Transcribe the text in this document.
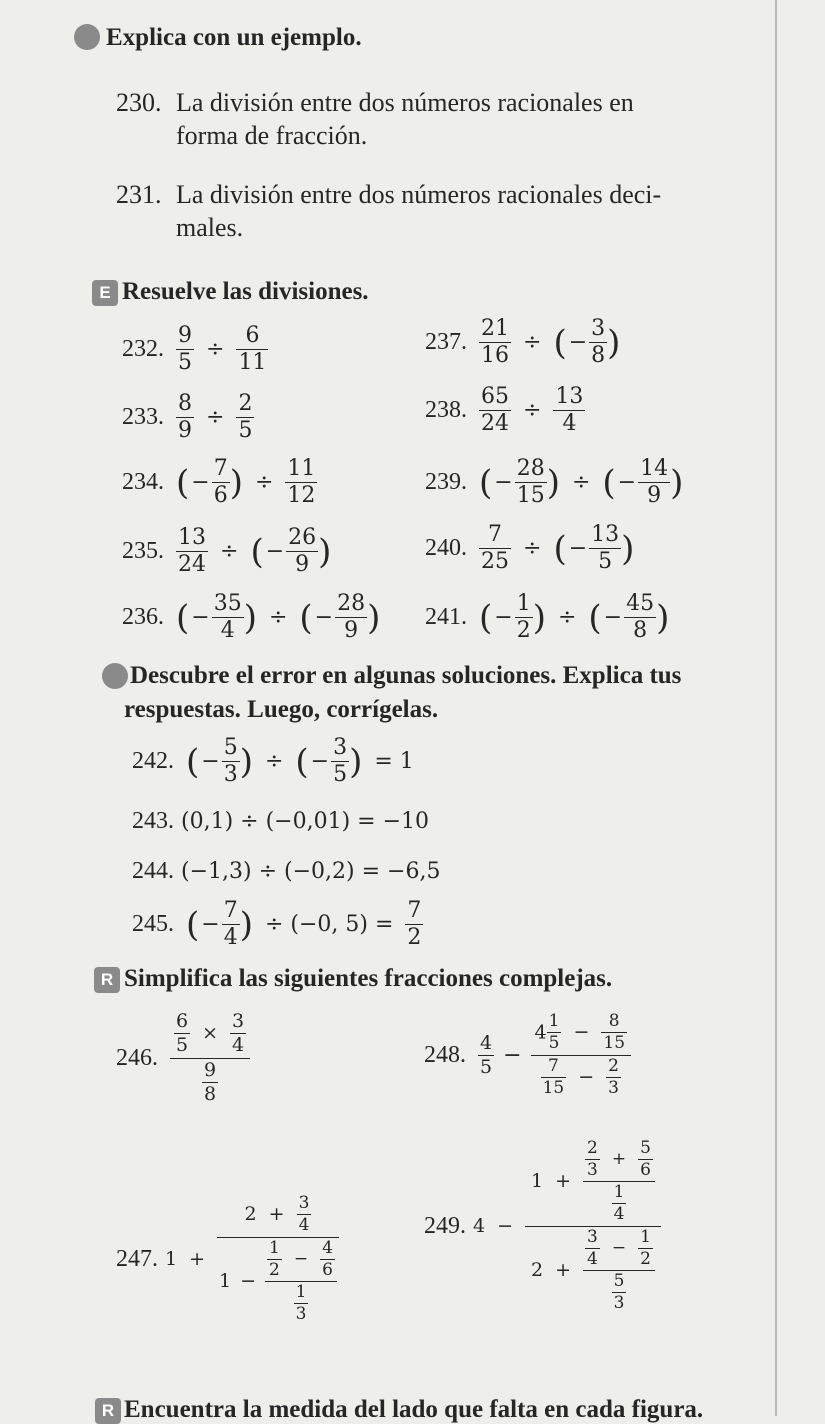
Explica con un ejemplo.
230. La división entre dos números racionales en
forma de fracción.
231. La división entre dos números racionales deci-
males.
E Resuelve las divisiones.
232. $\frac{9}{5} \div \frac{6}{11}$
233. $\frac{8}{9} \div \frac{2}{5}$
234. (− $\frac{7}{6}$ ) ÷ $\frac{11}{12}$
235. $\frac{13}{24}$ ÷ (− $\frac{26}{9}$ )
236. (− $\frac{35}{4}$ ) ÷ (− $\frac{28}{9}$ )
237. $\frac{21}{16}$ ÷ (− $\frac{3}{8}$ )
238. $\frac{65}{24} \div \frac{13}{4}$
239. (− $\frac{28}{15}$ ) ÷ (− $\frac{14}{9}$ )
240. $\frac{7}{25}$ ÷ (− $\frac{13}{5}$ )
241. (− $\frac{1}{2}$ ) ÷ (− $\frac{45}{8}$ )
Descubre el error en algunas soluciones. Explica tus
respuestas. Luego, corrígelas.
242. (− $\frac{5}{3}$ ) ÷ (− $\frac{3}{5}$ ) = 1
243. (0,1) ÷ (−0,01) = −10
244. (−1,3) ÷ (−0,2) = −6,5
245. (− $\frac{7}{4}$ ) ÷ (−0, $5) = \frac{7}{2}$
R Simplifica las siguientes fracciones complejas.
246. $\frac{\frac{6}{5} \times \frac{3}{4}}{\frac{9}{8}}$	248. $\frac{4}{5} - \frac{4 \frac{1}{5} - \frac{8}{15}}{\frac{7}{15} - \frac{2}{3}}$
247. 1 +
$2 + \frac{3}{4}$
$1 - \frac{\frac{1}{2} - \frac{4}{6}}{\frac{1}{3}}$
249. 4 −
$1 + \frac{\frac{2}{3} + \frac{5}{6}}{\frac{1}{4}}$
$2 + \frac{\frac{3}{4} - \frac{1}{2}}{\frac{5}{3}}$
R Encuentra la medida del lado que falta en cada figura.
